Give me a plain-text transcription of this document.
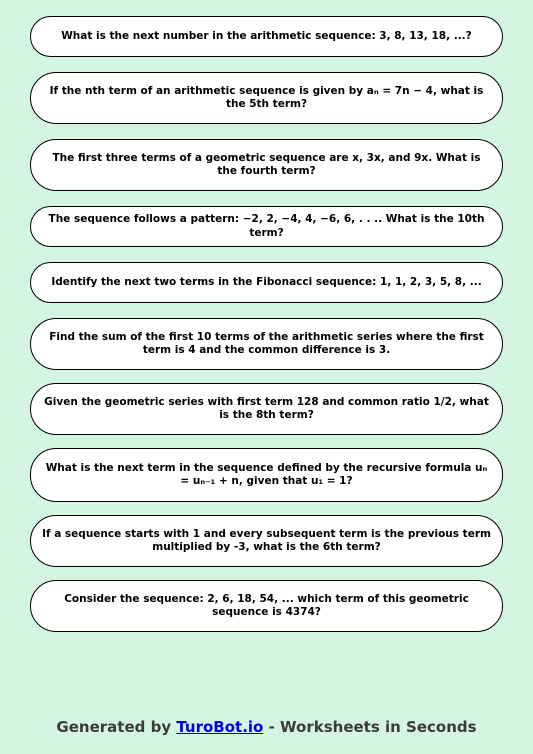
What is the next number in the arithmetic sequence: 3, 8, 13, 18, ...?
If the nth term of an arithmetic sequence is given by aₙ = 7n − 4, what is the 5th term?
The first three terms of a geometric sequence are x, 3x, and 9x. What is the fourth term?
The sequence follows a pattern: −2, 2, −4, 4, −6, 6, . . .. What is the 10th term?
Identify the next two terms in the Fibonacci sequence: 1, 1, 2, 3, 5, 8, ...
Find the sum of the first 10 terms of the arithmetic series where the first term is 4 and the common difference is 3.
Given the geometric series with first term 128 and common ratio 1/2, what is the 8th term?
What is the next term in the sequence defined by the recursive formula uₙ = uₙ₋₁ + n, given that u₁ = 1?
If a sequence starts with 1 and every subsequent term is the previous term multiplied by -3, what is the 6th term?
Consider the sequence: 2, 6, 18, 54, ... which term of this geometric sequence is 4374?
Generated by TuroBot.io - Worksheets in Seconds
